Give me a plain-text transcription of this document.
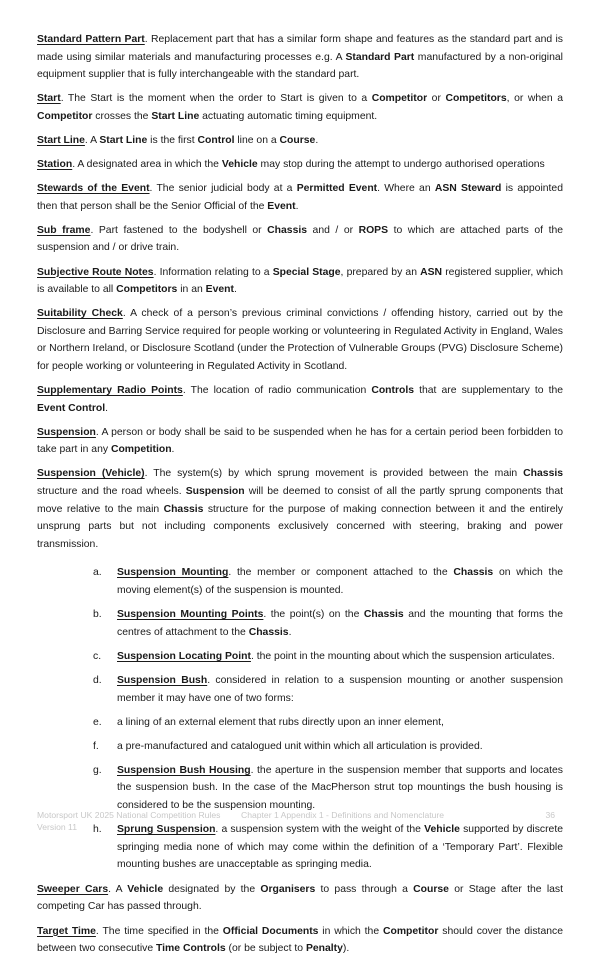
Standard Pattern Part. Replacement part that has a similar form shape and features as the standard part and is made using similar materials and manufacturing processes e.g. A Standard Part manufactured by a non-original equipment supplier that is fully interchangeable with the standard part.

Start. The Start is the moment when the order to Start is given to a Competitor or Competitors, or when a Competitor crosses the Start Line actuating automatic timing equipment.

Start Line. A Start Line is the first Control line on a Course.

Station. A designated area in which the Vehicle may stop during the attempt to undergo authorised operations

Stewards of the Event. The senior judicial body at a Permitted Event. Where an ASN Steward is appointed then that person shall be the Senior Official of the Event.

Sub frame. Part fastened to the bodyshell or Chassis and / or ROPS to which are attached parts of the suspension and / or drive train.

Subjective Route Notes. Information relating to a Special Stage, prepared by an ASN registered supplier, which is available to all Competitors in an Event.

Suitability Check. A check of a person’s previous criminal convictions / offending history, carried out by the Disclosure and Barring Service required for people working or volunteering in Regulated Activity in England, Wales or Northern Ireland, or Disclosure Scotland (under the Protection of Vulnerable Groups (PVG) Disclosure Scheme) for people working or volunteering in Regulated Activity in Scotland.

Supplementary Radio Points. The location of radio communication Controls that are supplementary to the Event Control.

Suspension. A person or body shall be said to be suspended when he has for a certain period been forbidden to take part in any Competition.

Suspension (Vehicle). The system(s) by which sprung movement is provided between the main Chassis structure and the road wheels. Suspension will be deemed to consist of all the partly sprung components that move relative to the main Chassis structure for the purpose of making connection between it and the entirely unsprung parts but not including components exclusively concerned with steering, braking and power transmission.

a. Suspension Mounting. the member or component attached to the Chassis on which the moving element(s) of the suspension is mounted.
b. Suspension Mounting Points. the point(s) on the Chassis and the mounting that forms the centres of attachment to the Chassis.
c. Suspension Locating Point. the point in the mounting about which the suspension articulates.
d. Suspension Bush. considered in relation to a suspension mounting or another suspension member it may have one of two forms:
e. a lining of an external element that rubs directly upon an inner element,
f. a pre-manufactured and catalogued unit within which all articulation is provided.
g. Suspension Bush Housing. the aperture in the suspension member that supports and locates the suspension bush. In the case of the MacPherson strut top mountings the bush housing is considered to be the suspension mounting.
h. Sprung Suspension. a suspension system with the weight of the Vehicle supported by discrete springing media none of which may come within the definition of a ‘Temporary Part’. Flexible mounting bushes are unacceptable as springing media.

Sweeper Cars. A Vehicle designated by the Organisers to pass through a Course or Stage after the last competing Car has passed through.

Target Time. The time specified in the Official Documents in which the Competitor should cover the distance between two consecutive Time Controls (or be subject to Penalty).

Motorsport UK 2025 National Competition Rules
Version 11
Chapter 1 Appendix 1 - Definitions and Nomenclature	36
